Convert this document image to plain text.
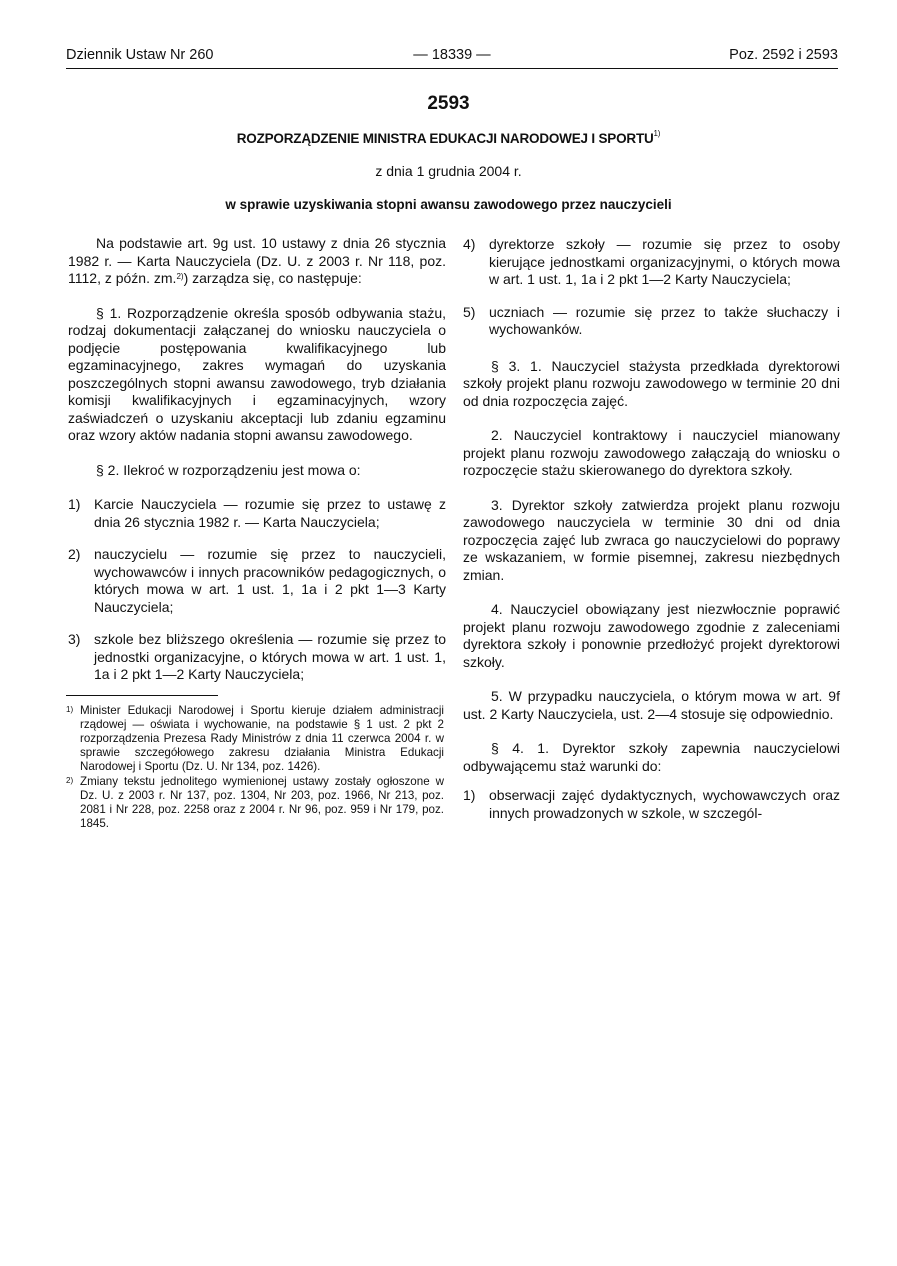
Dziennik Ustaw Nr 260	— 18339 —	Poz. 2592 i 2593
2593
ROZPORZĄDZENIE MINISTRA EDUKACJI NARODOWEJ I SPORTU$^{1)}$
z dnia 1 grudnia 2004 r.
w sprawie uzyskiwania stopni awansu zawodowego przez nauczycieli

Na podstawie art. 9g ust. 10 ustawy z dnia 26 stycznia 1982 r. — Karta Nauczyciela (Dz. U. z 2003 r. Nr 118, poz. 1112, z późn. zm.$^{2)}$) zarządza się, co następuje:

§ 1. Rozporządzenie określa sposób odbywania stażu, rodzaj dokumentacji załączanej do wniosku nauczyciela o podjęcie postępowania kwalifikacyjnego lub egzaminacyjnego, zakres wymagań do uzyskania poszczególnych stopni awansu zawodowego, tryb działania komisji kwalifikacyjnych i egzaminacyjnych, wzory zaświadczeń o uzyskaniu akceptacji lub zdaniu egzaminu oraz wzory aktów nadania stopni awansu zawodowego.

§ 2. Ilekroć w rozporządzeniu jest mowa o:

1) Karcie Nauczyciela — rozumie się przez to ustawę z dnia 26 stycznia 1982 r. — Karta Nauczyciela;
2) nauczycielu — rozumie się przez to nauczycieli, wychowawców i innych pracowników pedagogicznych, o których mowa w art. 1 ust. 1, 1a i 2 pkt 1—3 Karty Nauczyciela;
3) szkole bez bliższego określenia — rozumie się przez to jednostki organizacyjne, o których mowa w art. 1 ust. 1, 1a i 2 pkt 1—2 Karty Nauczyciela;
1) Minister Edukacji Narodowej i Sportu kieruje działem administracji rządowej — oświata i wychowanie, na podstawie § 1 ust. 2 pkt 2 rozporządzenia Prezesa Rady Ministrów z dnia 11 czerwca 2004 r. w sprawie szczegółowego zakresu działania Ministra Edukacji Narodowej i Sportu (Dz. U. Nr 134, poz. 1426).
2) Zmiany tekstu jednolitego wymienionej ustawy zostały ogłoszone w Dz. U. z 2003 r. Nr 137, poz. 1304, Nr 203, poz. 1966, Nr 213, poz. 2081 i Nr 228, poz. 2258 oraz z 2004 r. Nr 96, poz. 959 i Nr 179, poz. 1845.
4) dyrektorze szkoły — rozumie się przez to osoby kierujące jednostkami organizacyjnymi, o których mowa w art. 1 ust. 1, 1a i 2 pkt 1—2 Karty Nauczyciela;
5) uczniach — rozumie się przez to także słuchaczy i wychowanków.

§ 3. 1. Nauczyciel stażysta przedkłada dyrektorowi szkoły projekt planu rozwoju zawodowego w terminie 20 dni od dnia rozpoczęcia zajęć.

2. Nauczyciel kontraktowy i nauczyciel mianowany projekt planu rozwoju zawodowego załączają do wniosku o rozpoczęcie stażu skierowanego do dyrektora szkoły.

3. Dyrektor szkoły zatwierdza projekt planu rozwoju zawodowego nauczyciela w terminie 30 dni od dnia rozpoczęcia zajęć lub zwraca go nauczycielowi do poprawy ze wskazaniem, w formie pisemnej, zakresu niezbędnych zmian.

4. Nauczyciel obowiązany jest niezwłocznie poprawić projekt planu rozwoju zawodowego zgodnie z zaleceniami dyrektora szkoły i ponownie przedłożyć projekt dyrektorowi szkoły.

5. W przypadku nauczyciela, o którym mowa w art. 9f ust. 2 Karty Nauczyciela, ust. 2—4 stosuje się odpowiednio.

§ 4. 1. Dyrektor szkoły zapewnia nauczycielowi odbywającemu staż warunki do:

1) obserwacji zajęć dydaktycznych, wychowawczych oraz innych prowadzonych w szkole, w szczegól-
